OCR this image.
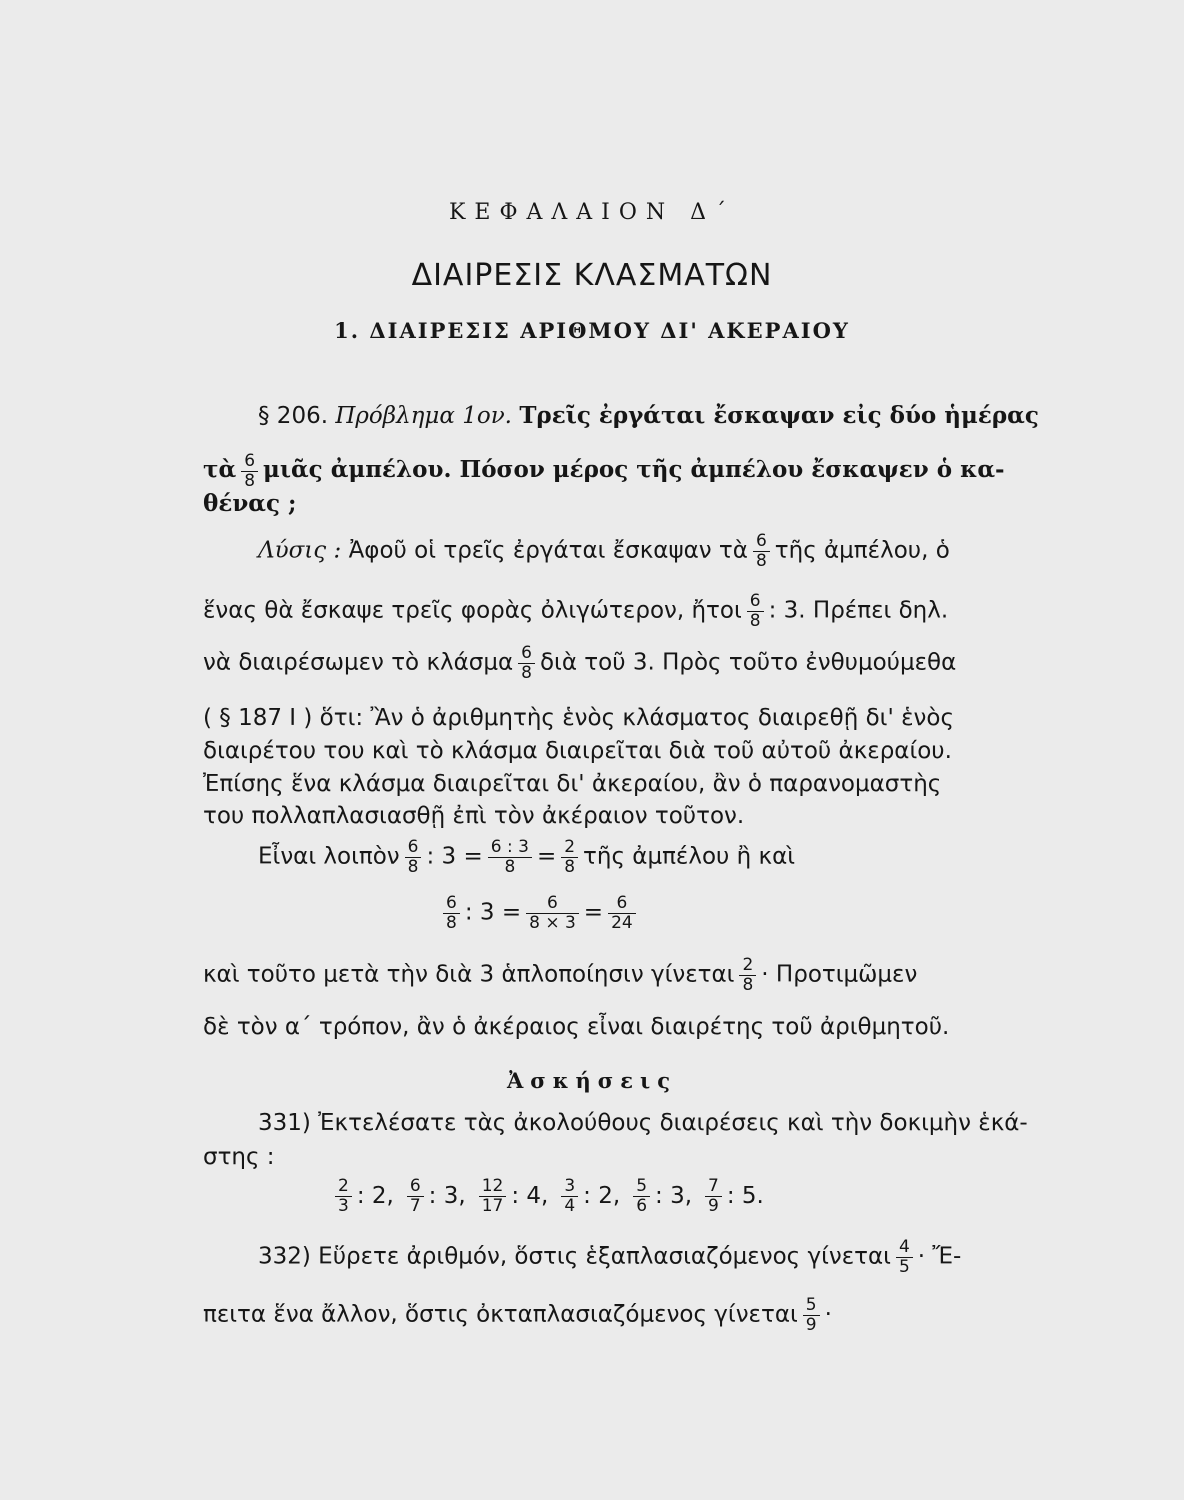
ΚΕΦΑΛΑΙΟΝ Δ΄
ΔΙΑΙΡΕΣΙΣ ΚΛΑΣΜΑΤΩΝ
1. ΔΙΑΙΡΕΣΙΣ ΑΡΙΘΜΟΥ ΔΙ' ΑΚΕΡΑΙΟΥ
§ 206. Πρόβλημα 1ον. Τρεῖς ἐργάται ἔσκαψαν εἰς δύο ἡμέρας
τὰ $\frac{6}{8}$ μιᾶς ἀμπέλου. Πόσον μέρος τῆς ἀμπέλου ἔσκαψεν ὁ κα-
θένας ;
Λύσις : Ἀφοῦ οἱ τρεῖς ἐργάται ἔσκαψαν τὰ $\frac{6}{8}$ τῆς ἀμπέλου, ὁ
ἕνας θὰ ἔσκαψε τρεῖς φορὰς ὀλιγώτερον, ἤτοι $\frac{6}{8}$ : 3. Πρέπει δηλ.
νὰ διαιρέσωμεν τὸ κλάσμα $\frac{6}{8}$ διὰ τοῦ 3. Πρὸς τοῦτο ἐνθυμούμεθα
( § 187 Ι ) ὅτι: Ἂν ὁ ἀριθμητὴς ἑνὸς κλάσματος διαιρεθῇ δι' ἑνὸς
διαιρέτου του καὶ τὸ κλάσμα διαιρεῖται διὰ τοῦ αὐτοῦ ἀκεραίου.
Ἐπίσης ἕνα κλάσμα διαιρεῖται δι' ἀκεραίου, ἂν ὁ παρανομαστὴς
του πολλαπλασιασθῇ ἐπὶ τὸν ἀκέραιον τοῦτον.
Εἶναι λοιπὸν $\frac{6}{8}$ : $3 = \frac{6 : 3}{8} = \frac{2}{8}$ τῆς ἀμπέλου ἢ καὶ
$\frac{6}{8}$ : $3 = \frac{6}{8 \times 3} = \frac{6}{24}$
καὶ τοῦτο μετὰ τὴν διὰ 3 ἁπλοποίησιν γίνεται $\frac{2}{8}$ · Προτιμῶμεν
δὲ τὸν α΄ τρόπον, ἂν ὁ ἀκέραιος εἶναι διαιρέτης τοῦ ἀριθμητοῦ.
Ἀσκήσεις
331) Ἐκτελέσατε τὰς ἀκολούθους διαιρέσεις καὶ τὴν δοκιμὴν ἑκά-
στης :
$\frac{2}{3}$ : 2, $\frac{6}{7}$ : 3, $\frac{12}{17}$ : 4, $\frac{3}{4}$ : 2, $\frac{5}{6}$ : 3, $\frac{7}{9}$ : 5.
332) Εὕρετε ἀριθμόν, ὅστις ἑξαπλασιαζόμενος γίνεται $\frac{4}{5}$ · Ἔ-
πειτα ἕνα ἄλλον, ὅστις ὀκταπλασιαζόμενος γίνεται $\frac{5}{9}$ ·
